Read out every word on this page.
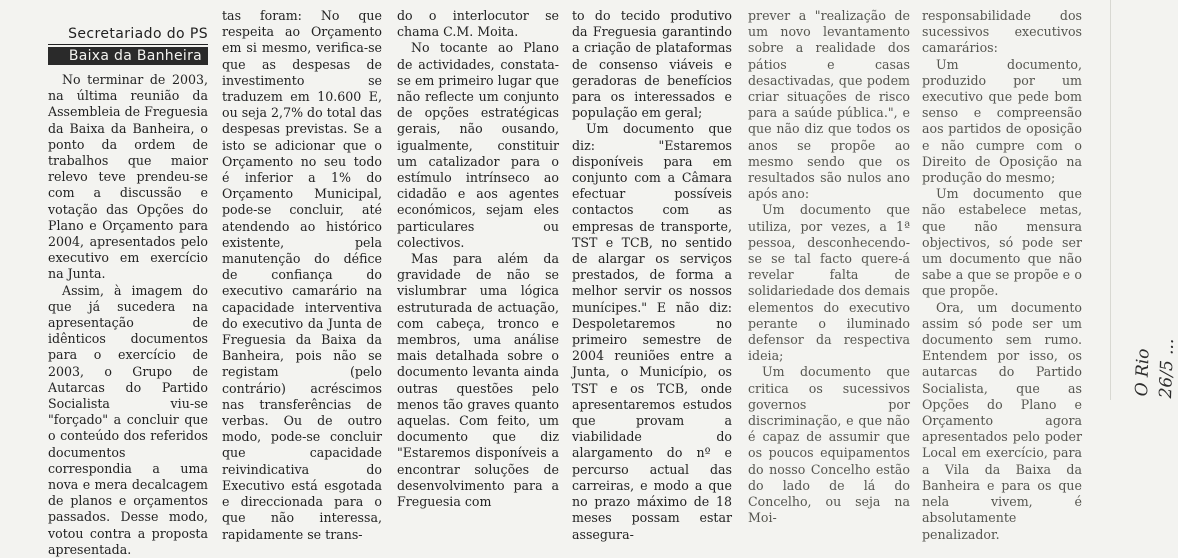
Secretariado do PS
Baixa da Banheira

No terminar de 2003, na última reunião da Assembleia de Freguesia da Baixa da Banheira, o ponto da ordem de trabalhos que maior relevo teve prendeu-se com a discussão e votação das Opções do Plano e Orçamento para 2004, apresentados pelo executivo em exercício na Junta.

Assim, à imagem do que já sucedera na apresentação de idênticos documentos para o exercício de 2003, o Grupo de Autarcas do Partido Socialista viu-se "forçado" a concluir que o conteúdo dos referidos documentos correspondia a uma nova e mera decalcagem de planos e orçamentos passados. Desse modo, votou contra a proposta apresentada.

tas foram: No que respeita ao Orçamento em si mesmo, verifica-se que as despesas de investimento se traduzem em 10.600 E, ou seja 2,7% do total das despesas previstas. Se a isto se adicionar que o Orçamento no seu todo é inferior a 1% do Orçamento Municipal, pode-se concluir, até atendendo ao histórico existente, pela manutenção do défice de confiança do executivo camarário na capacidade interventiva do executivo da Junta de Freguesia da Baixa da Banheira, pois não se registam (pelo contrário) acréscimos nas transferências de verbas. Ou de outro modo, pode-se concluir que capacidade reivindicativa do Executivo está esgotada e direccionada para o que não interessa, rapidamente se trans-

do o interlocutor se chama C.M. Moita.

No tocante ao Plano de actividades, constata-se em primeiro lugar que não reflecte um conjunto de opções estratégicas gerais, não ousando, igualmente, constituir um catalizador para o estímulo intrínseco ao cidadão e aos agentes económicos, sejam eles particulares ou colectivos.

Mas para além da gravidade de não se vislumbrar uma lógica estruturada de actuação, com cabeça, tronco e membros, uma análise mais detalhada sobre o documento levanta ainda outras questões pelo menos tão graves quanto aquelas. Com feito, um documento que diz "Estaremos disponíveis a encontrar soluções de desenvolvimento para a Freguesia com

to do tecido produtivo da Freguesia garantindo a criação de plataformas de consenso viáveis e geradoras de benefícios para os interessados e população em geral;

Um documento que diz: "Estaremos disponíveis para em conjunto com a Câmara efectuar possíveis contactos com as empresas de transporte, TST e TCB, no sentido de alargar os serviços prestados, de forma a melhor servir os nossos munícipes." E não diz: Despoletaremos no primeiro semestre de 2004 reuniões entre a Junta, o Município, os TST e os TCB, onde apresentaremos estudos que provam a viabilidade do alargamento do nº e percurso actual das carreiras, e modo a que no prazo máximo de 18 meses possam estar assegura-

prever a "realização de um novo levantamento sobre a realidade dos pátios e casas desactivadas, que podem criar situações de risco para a saúde pública.", e que não diz que todos os anos se propõe ao mesmo sendo que os resultados são nulos ano após ano:

Um documento que utiliza, por vezes, a 1ª pessoa, desconhecendo-se se tal facto quere-á revelar falta de solidariedade dos demais elementos do executivo perante o iluminado defensor da respectiva ideia;

Um documento que critica os sucessivos governos por discriminação, e que não é capaz de assumir que os poucos equipamentos do nosso Concelho estão do lado de lá do Concelho, ou seja na Moi-

responsabilidade dos sucessivos executivos camarários:

Um documento, produzido por um executivo que pede bom senso e compreensão aos partidos de oposição e não cumpre com o Direito de Oposição na produção do mesmo;

Um documento que não estabelece metas, que não mensura objectivos, só pode ser um documento que não sabe a que se propõe e o que propõe.

Ora, um documento assim só pode ser um documento sem rumo. Entendem por isso, os autarcas do Partido Socialista, que as Opções do Plano e Orçamento agora apresentados pelo poder Local em exercício, para a Vila da Baixa da Banheira e para os que nela vivem, é absolutamente penalizador.

O Rio 26/5 ...
